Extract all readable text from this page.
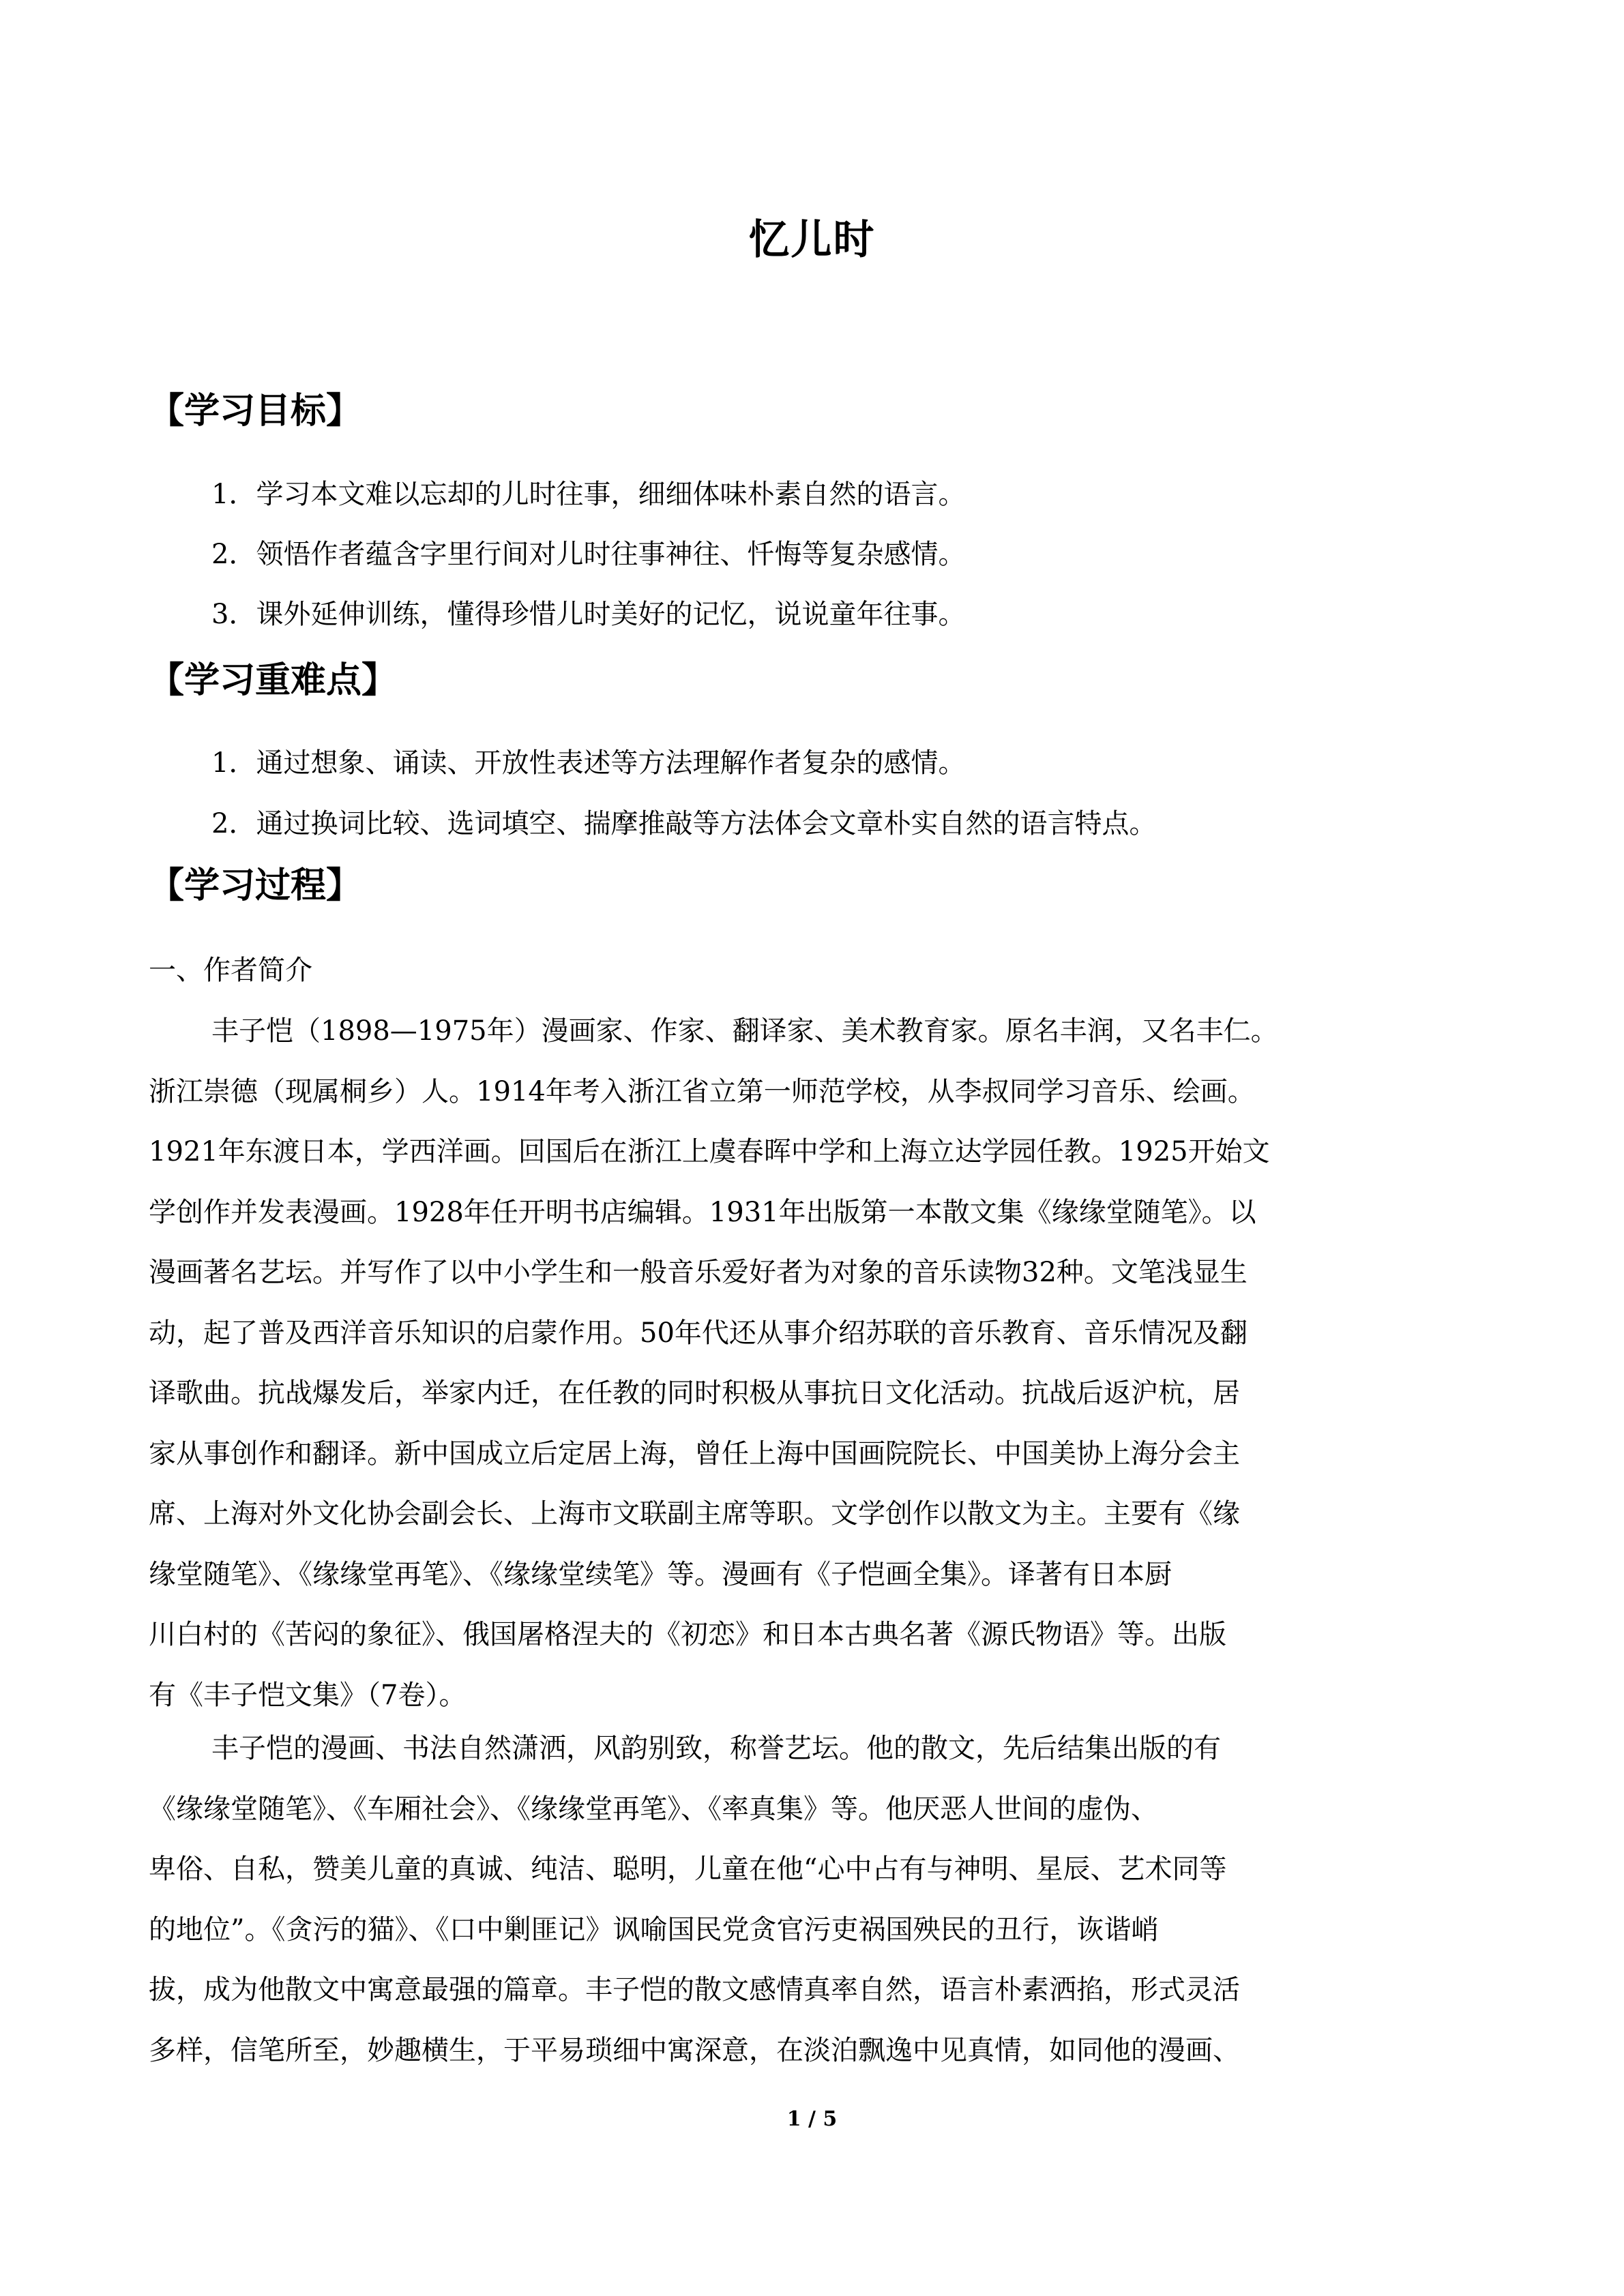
忆儿时
【学习目标】
1．学习本文难以忘却的儿时往事，细细体味朴素自然的语言。
2．领悟作者蕴含字里行间对儿时往事神往、忏悔等复杂感情。
3．课外延伸训练，懂得珍惜儿时美好的记忆，说说童年往事。
【学习重难点】
1．通过想象、诵读、开放性表述等方法理解作者复杂的感情。
2．通过换词比较、选词填空、揣摩推敲等方法体会文章朴实自然的语言特点。
【学习过程】
一、作者简介
丰子恺（1898—1975年）漫画家、作家、翻译家、美术教育家。原名丰润，又名丰仁。
浙江崇德（现属桐乡）人。1914年考入浙江省立第一师范学校，从李叔同学习音乐、绘画。
1921年东渡日本，学西洋画。回国后在浙江上虞春晖中学和上海立达学园任教。1925开始文
学创作并发表漫画。1928年任开明书店编辑。1931年出版第一本散文集《缘缘堂随笔》。以
漫画著名艺坛。并写作了以中小学生和一般音乐爱好者为对象的音乐读物32种。文笔浅显生
动，起了普及西洋音乐知识的启蒙作用。50年代还从事介绍苏联的音乐教育、音乐情况及翻
译歌曲。抗战爆发后，举家内迁，在任教的同时积极从事抗日文化活动。抗战后返沪杭，居
家从事创作和翻译。新中国成立后定居上海，曾任上海中国画院院长、中国美协上海分会主
席、上海对外文化协会副会长、上海市文联副主席等职。文学创作以散文为主。主要有《缘
缘堂随笔》、《缘缘堂再笔》、《缘缘堂续笔》等。漫画有《子恺画全集》。译著有日本厨
川白村的《苦闷的象征》、俄国屠格涅夫的《初恋》和日本古典名著《源氏物语》等。出版
有《丰子恺文集》（7卷）。
丰子恺的漫画、书法自然潇洒，风韵别致，称誉艺坛。他的散文，先后结集出版的有
《缘缘堂随笔》、《车厢社会》、《缘缘堂再笔》、《率真集》等。他厌恶人世间的虚伪、
卑俗、自私，赞美儿童的真诚、纯洁、聪明，儿童在他“心中占有与神明、星辰、艺术同等
的地位”。《贪污的猫》、《口中剿匪记》讽喻国民党贪官污吏祸国殃民的丑行，诙谐峭
拔，成为他散文中寓意最强的篇章。丰子恺的散文感情真率自然，语言朴素洒掐，形式灵活
多样，信笔所至，妙趣横生，于平易琐细中寓深意，在淡泊飘逸中见真情，如同他的漫画、
1 / 5
